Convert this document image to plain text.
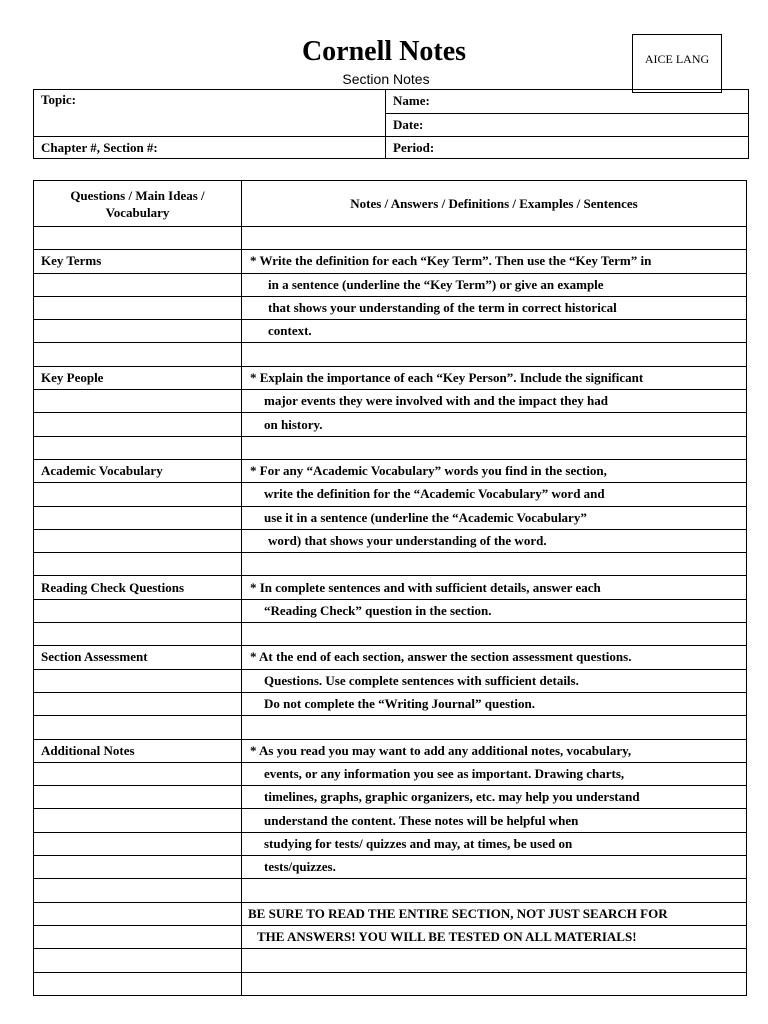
Cornell Notes
Section Notes
AICE LANG
Topic:	Name:
	Date:
Chapter #, Section #:	Period:
Questions / Main Ideas / Vocabulary	Notes / Answers / Definitions / Examples / Sentences

Key Terms	* Write the definition for each “Key Term”. Then use the “Key Term” in
	in a sentence (underline the “Key Term”) or give an example
	that shows your understanding of the term in correct historical
	context.

Key People	* Explain the importance of each “Key Person”. Include the significant
	major events they were involved with and the impact they had
	on history.

Academic Vocabulary	* For any “Academic Vocabulary” words you find in the section,
	write the definition for the “Academic Vocabulary” word and
	use it in a sentence (underline the “Academic Vocabulary”
	word) that shows your understanding of the word.

Reading Check Questions	* In complete sentences and with sufficient details, answer each
	“Reading Check” question in the section.

Section Assessment	* At the end of each section, answer the section assessment questions.
	Questions. Use complete sentences with sufficient details.
	Do not complete the “Writing Journal” question.

Additional Notes	* As you read you may want to add any additional notes, vocabulary,
	events, or any information you see as important. Drawing charts,
	timelines, graphs, graphic organizers, etc. may help you understand
	understand the content. These notes will be helpful when
	studying for tests/ quizzes and may, at times, be used on
	tests/quizzes.

	BE SURE TO READ THE ENTIRE SECTION, NOT JUST SEARCH FOR
	THE ANSWERS! YOU WILL BE TESTED ON ALL MATERIALS!
